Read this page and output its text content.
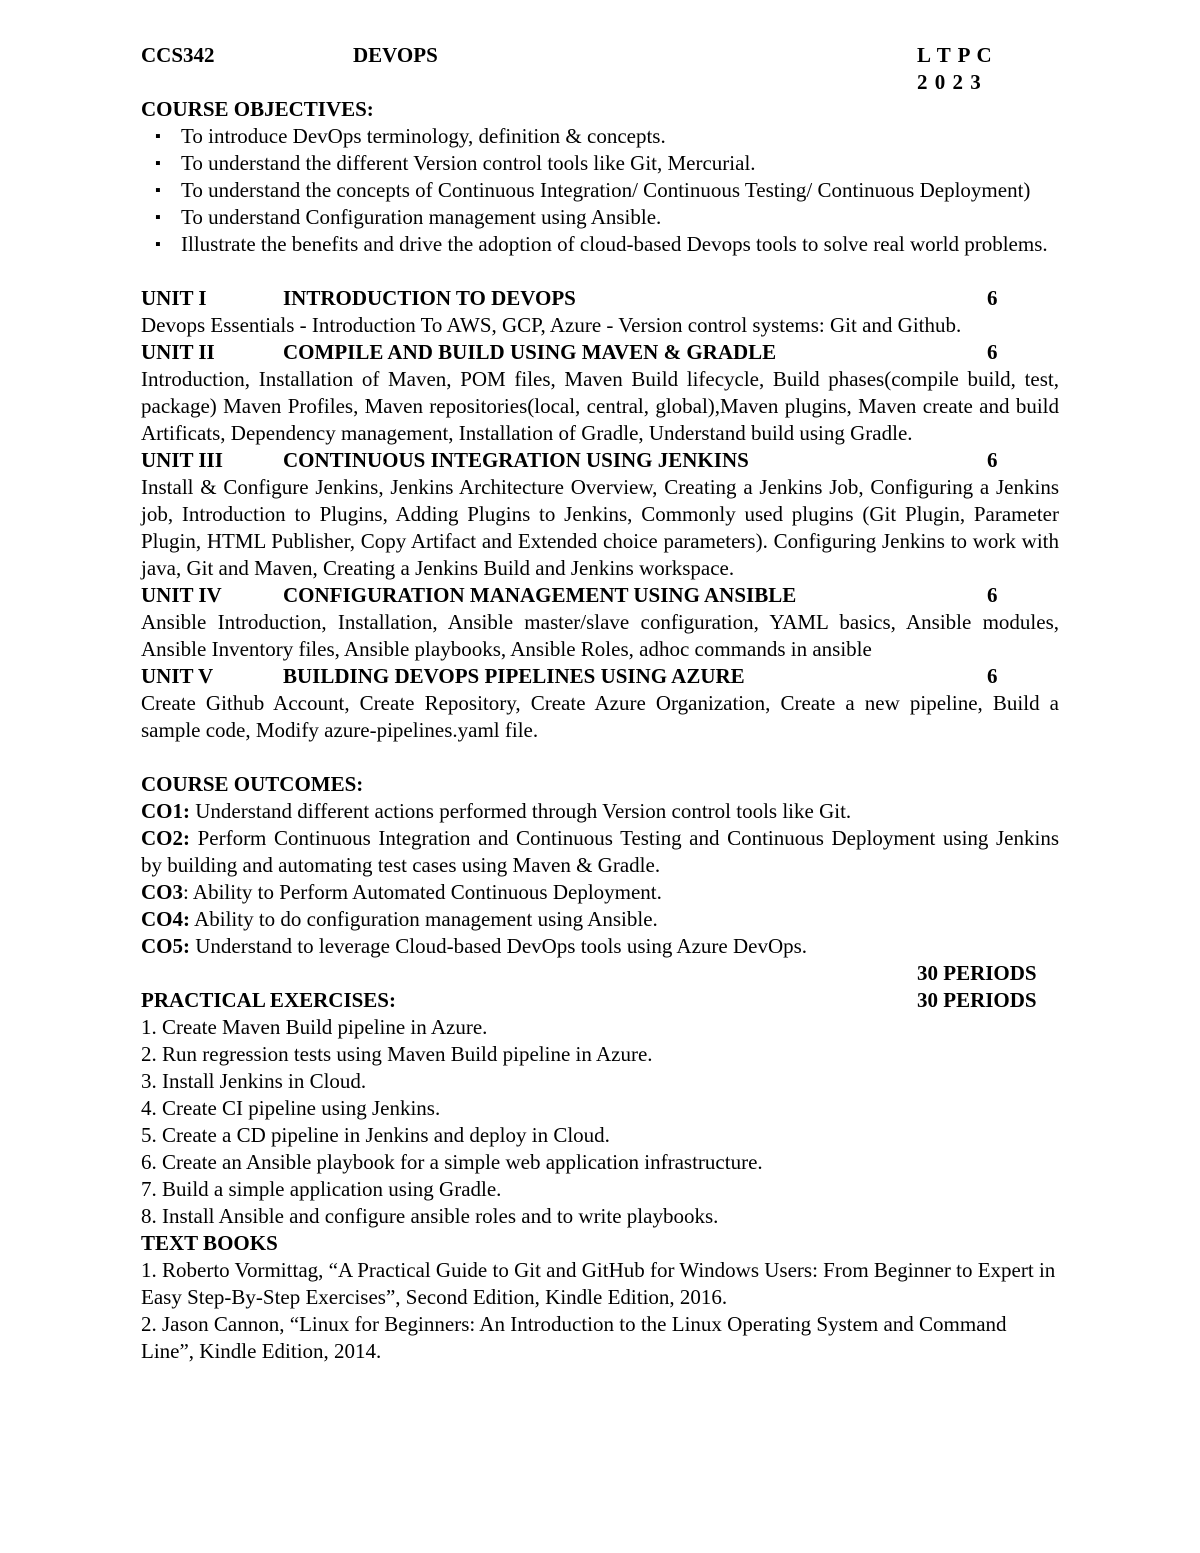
CCS342	DEVOPS	L T P C
2 0 2 3
COURSE OBJECTIVES:
▪ To introduce DevOps terminology, definition & concepts.
▪ To understand the different Version control tools like Git, Mercurial.
▪ To understand the concepts of Continuous Integration/ Continuous Testing/ Continuous Deployment)
▪ To understand Configuration management using Ansible.
▪ Illustrate the benefits and drive the adoption of cloud-based Devops tools to solve real world problems.
UNIT I	INTRODUCTION TO DEVOPS	6
Devops Essentials - Introduction To AWS, GCP, Azure - Version control systems: Git and Github.
UNIT II	COMPILE AND BUILD USING MAVEN & GRADLE	6
Introduction, Installation of Maven, POM files, Maven Build lifecycle, Build phases(compile build, test, package) Maven Profiles, Maven repositories(local, central, global),Maven plugins, Maven create and build Artificats, Dependency management, Installation of Gradle, Understand build using Gradle.
UNIT III	CONTINUOUS INTEGRATION USING JENKINS	6
Install & Configure Jenkins, Jenkins Architecture Overview, Creating a Jenkins Job, Configuring a Jenkins job, Introduction to Plugins, Adding Plugins to Jenkins, Commonly used plugins (Git Plugin, Parameter Plugin, HTML Publisher, Copy Artifact and Extended choice parameters). Configuring Jenkins to work with java, Git and Maven, Creating a Jenkins Build and Jenkins workspace.
UNIT IV	CONFIGURATION MANAGEMENT USING ANSIBLE	6
Ansible Introduction, Installation, Ansible master/slave configuration, YAML basics, Ansible modules, Ansible Inventory files, Ansible playbooks, Ansible Roles, adhoc commands in ansible
UNIT V	BUILDING DEVOPS PIPELINES USING AZURE	6
Create Github Account, Create Repository, Create Azure Organization, Create a new pipeline, Build a sample code, Modify azure-pipelines.yaml file.
COURSE OUTCOMES:
CO1: Understand different actions performed through Version control tools like Git.
CO2: Perform Continuous Integration and Continuous Testing and Continuous Deployment using Jenkins by building and automating test cases using Maven & Gradle.
CO3: Ability to Perform Automated Continuous Deployment.
CO4: Ability to do configuration management using Ansible.
CO5: Understand to leverage Cloud-based DevOps tools using Azure DevOps.
30 PERIODS
PRACTICAL EXERCISES:	30 PERIODS
1. Create Maven Build pipeline in Azure.
2. Run regression tests using Maven Build pipeline in Azure.
3. Install Jenkins in Cloud.
4. Create CI pipeline using Jenkins.
5. Create a CD pipeline in Jenkins and deploy in Cloud.
6. Create an Ansible playbook for a simple web application infrastructure.
7. Build a simple application using Gradle.
8. Install Ansible and configure ansible roles and to write playbooks.
TEXT BOOKS
1. Roberto Vormittag, “A Practical Guide to Git and GitHub for Windows Users: From Beginner to Expert in Easy Step-By-Step Exercises”, Second Edition, Kindle Edition, 2016.
2. Jason Cannon, “Linux for Beginners: An Introduction to the Linux Operating System and Command Line”, Kindle Edition, 2014.
